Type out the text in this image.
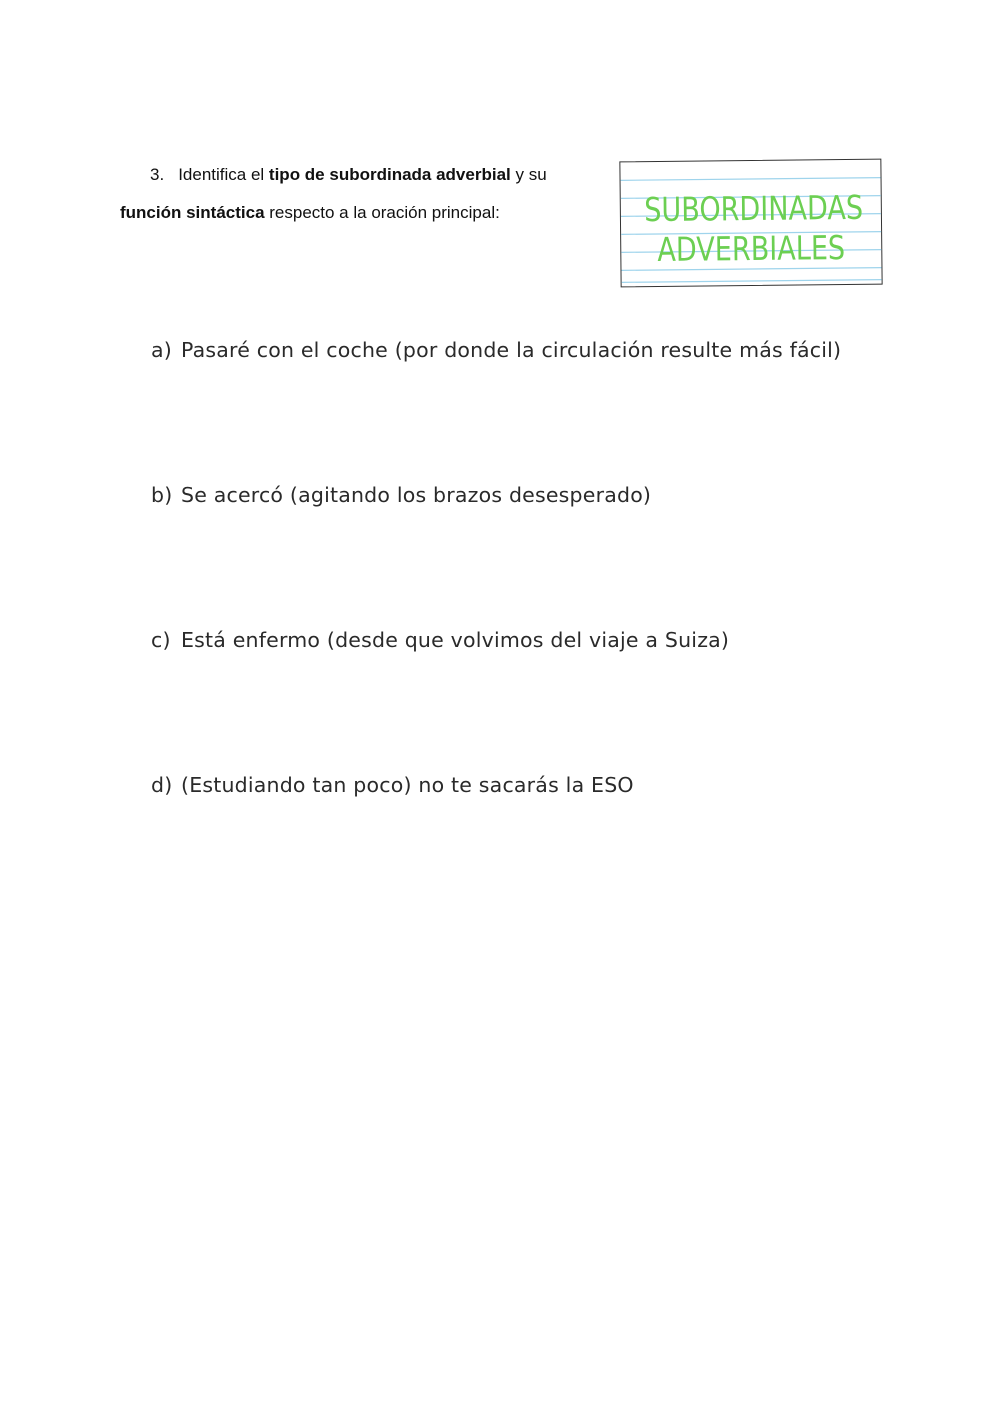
3. Identifica el tipo de subordinada adverbial y su
función sintáctica respecto a la oración principal:	SUBORDINADAS
ADVERBIALES
a) Pasaré con el coche (por donde la circulación resulte más fácil)
b) Se acercó (agitando los brazos desesperado)
c) Está enfermo (desde que volvimos del viaje a Suiza)
d) (Estudiando tan poco) no te sacarás la ESO
